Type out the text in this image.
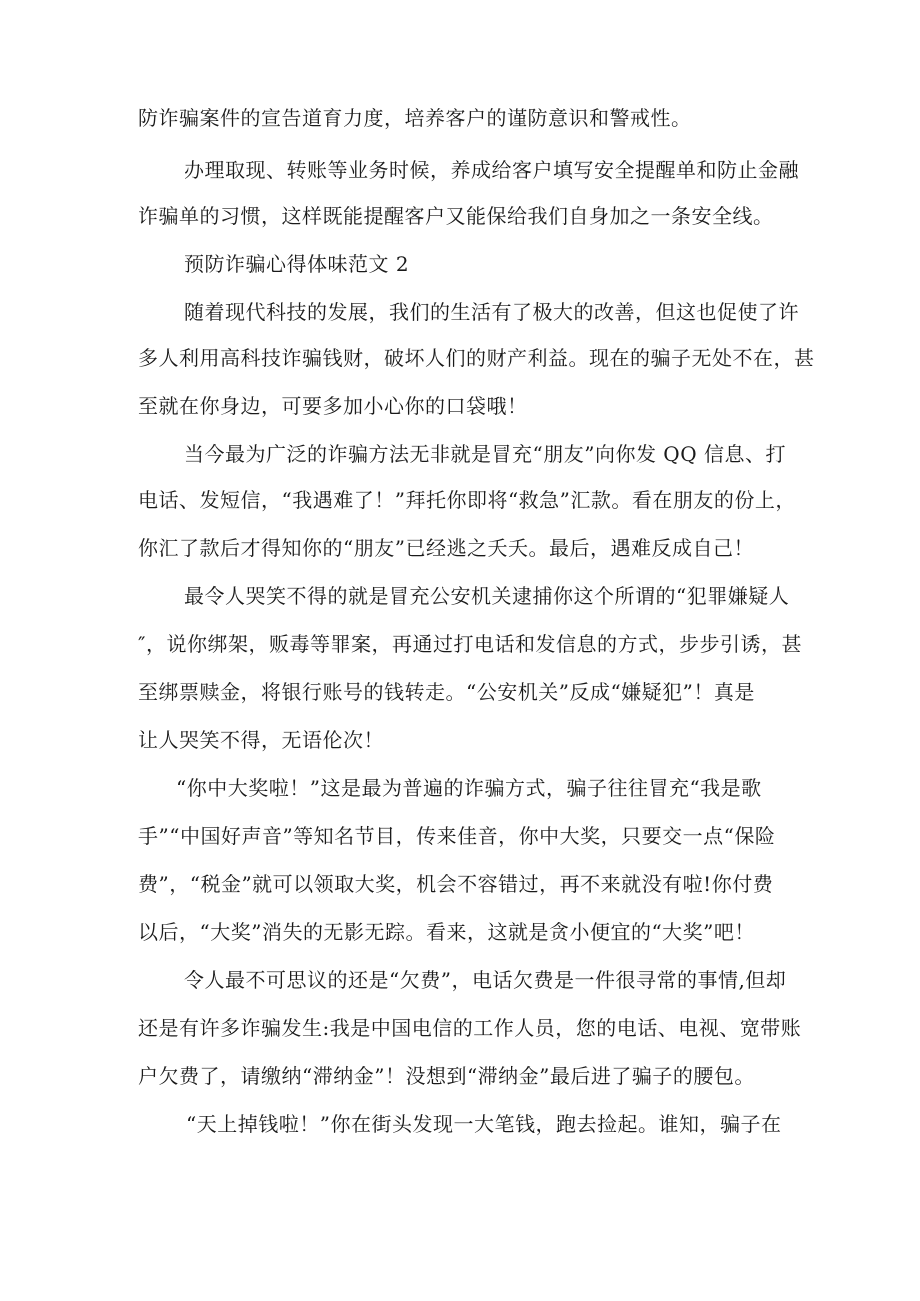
防诈骗案件的宣告道育力度，培养客户的谨防意识和警戒性。
办理取现、转账等业务时候，养成给客户填写安全提醒单和防止金融
诈骗单的习惯，这样既能提醒客户又能保给我们自身加之一条安全线。
预防诈骗心得体味范文 2
随着现代科技的发展，我们的生活有了极大的改善，但这也促使了许
多人利用高科技诈骗钱财，破坏人们的财产利益。现在的骗子无处不在，甚
至就在你身边，可要多加小心你的口袋哦！
当今最为广泛的诈骗方法无非就是冒充“朋友”向你发 QQ 信息、打
电话、发短信，“我遇难了！”拜托你即将“救急”汇款。看在朋友的份上，
你汇了款后才得知你的“朋友”已经逃之夭夭。最后，遇难反成自己！
最令人哭笑不得的就是冒充公安机关逮捕你这个所谓的“犯罪嫌疑人
″，说你绑架，贩毒等罪案，再通过打电话和发信息的方式，步步引诱，甚
至绑票赎金，将银行账号的钱转走。“公安机关”反成“嫌疑犯”！真是
让人哭笑不得，无语伦次！
“你中大奖啦！”这是最为普遍的诈骗方式，骗子往往冒充“我是歌
手”“中国好声音”等知名节目，传来佳音，你中大奖，只要交一点“保险
费”，“税金”就可以领取大奖，机会不容错过，再不来就没有啦!你付费
以后，“大奖”消失的无影无踪。看来，这就是贪小便宜的“大奖”吧！
令人最不可思议的还是“欠费”，电话欠费是一件很寻常的事情,但却
还是有许多诈骗发生:我是中国电信的工作人员，您的电话、电视、宽带账
户欠费了，请缴纳“滞纳金”！没想到“滞纳金”最后进了骗子的腰包。
“天上掉钱啦！”你在街头发现一大笔钱，跑去捡起。谁知，骗子在
